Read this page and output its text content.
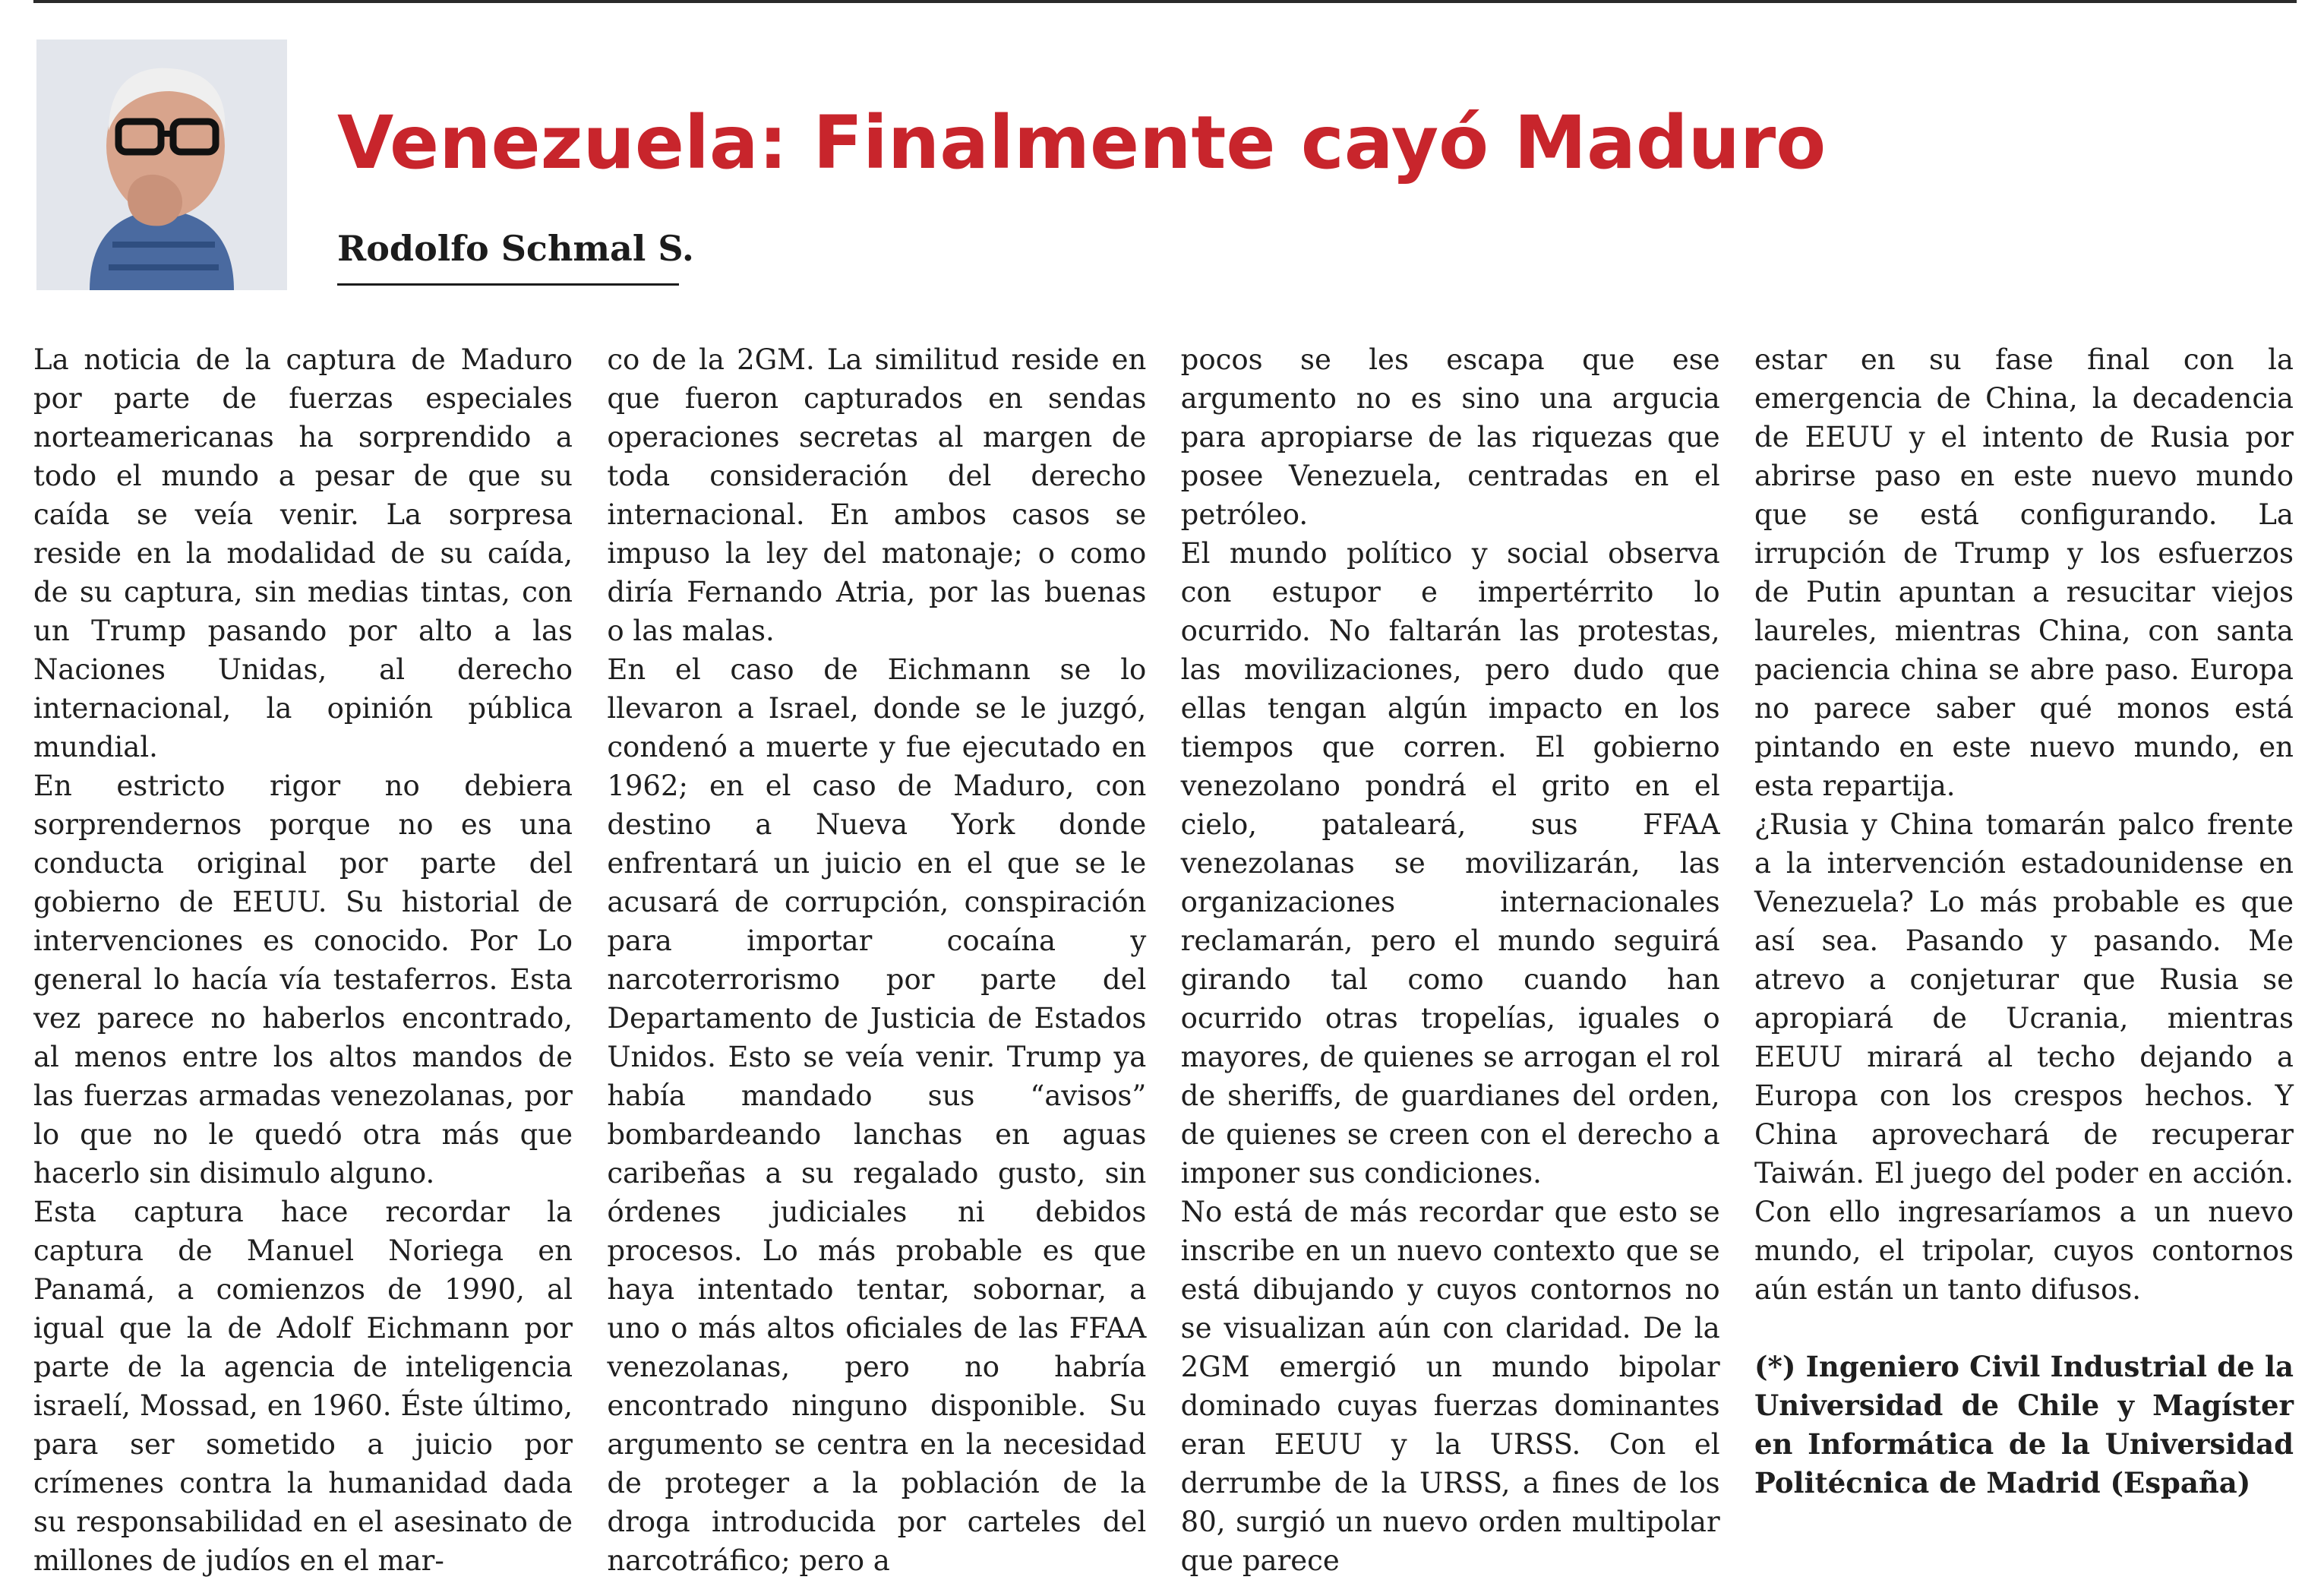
Venezuela: Finalmente cayó Maduro
Rodolfo Schmal S.

La noticia de la captura de Maduro por parte de fuerzas especiales norteamericanas ha sorprendido a todo el mundo a pesar de que su caída se veía venir. La sorpresa reside en la modalidad de su caída, de su captura, sin medias tintas, con un Trump pasando por alto a las Naciones Unidas, al derecho internacional, la opinión pública mundial.

En estricto rigor no debiera sorprendernos porque no es una conducta original por parte del gobierno de EEUU. Su historial de intervenciones es conocido. Por Lo general lo hacía vía testaferros. Esta vez parece no haberlos encontrado, al menos entre los altos mandos de las fuerzas armadas venezolanas, por lo que no le quedó otra más que hacerlo sin disimulo alguno.

Esta captura hace recordar la captura de Manuel Noriega en Panamá, a comienzos de 1990, al igual que la de Adolf Eichmann por parte de la agencia de inteligencia israelí, Mossad, en 1960. Éste último, para ser sometido a juicio por crímenes contra la humanidad dada su responsabilidad en el asesinato de millones de judíos en el mar-

co de la 2GM. La similitud reside en que fueron capturados en sendas operaciones secretas al margen de toda consideración del derecho internacional. En ambos casos se impuso la ley del matonaje; o como diría Fernando Atria, por las buenas o las malas.

En el caso de Eichmann se lo llevaron a Israel, donde se le juzgó, condenó a muerte y fue ejecutado en 1962; en el caso de Maduro, con destino a Nueva York donde enfrentará un juicio en el que se le acusará de corrupción, conspiración para importar cocaína y narcoterrorismo por parte del Departamento de Justicia de Estados Unidos. Esto se veía venir. Trump ya había mandado sus “avisos” bombardeando lanchas en aguas caribeñas a su regalado gusto, sin órdenes judiciales ni debidos procesos. Lo más probable es que haya intentado tentar, sobornar, a uno o más altos oficiales de las FFAA venezolanas, pero no habría encontrado ninguno disponible. Su argumento se centra en la necesidad de proteger a la población de la droga introducida por carteles del narcotráfico; pero a

pocos se les escapa que ese argumento no es sino una argucia para apropiarse de las riquezas que posee Venezuela, centradas en el petróleo.

El mundo político y social observa con estupor e impertérrito lo ocurrido. No faltarán las protestas, las movilizaciones, pero dudo que ellas tengan algún impacto en los tiempos que corren. El gobierno venezolano pondrá el grito en el cielo, pataleará, sus FFAA venezolanas se movilizarán, las organizaciones internacionales reclamarán, pero el mundo seguirá girando tal como cuando han ocurrido otras tropelías, iguales o mayores, de quienes se arrogan el rol de sheriffs, de guardianes del orden, de quienes se creen con el derecho a imponer sus condiciones.

No está de más recordar que esto se inscribe en un nuevo contexto que se está dibujando y cuyos contornos no se visualizan aún con claridad. De la 2GM emergió un mundo bipolar dominado cuyas fuerzas dominantes eran EEUU y la URSS. Con el derrumbe de la URSS, a fines de los 80, surgió un nuevo orden multipolar que parece

estar en su fase final con la emergencia de China, la decadencia de EEUU y el intento de Rusia por abrirse paso en este nuevo mundo que se está configurando. La irrupción de Trump y los esfuerzos de Putin apuntan a resucitar viejos laureles, mientras China, con santa paciencia china se abre paso. Europa no parece saber qué monos está pintando en este nuevo mundo, en esta repartija.

¿Rusia y China tomarán palco frente a la intervención estadounidense en Venezuela? Lo más probable es que así sea. Pasando y pasando. Me atrevo a conjeturar que Rusia se apropiará de Ucrania, mientras EEUU mirará al techo dejando a Europa con los crespos hechos. Y China aprovechará de recuperar Taiwán. El juego del poder en acción. Con ello ingresaríamos a un nuevo mundo, el tripolar, cuyos contornos aún están un tanto difusos.

(*) Ingeniero Civil Industrial de la Universidad de Chile y Magíster en Informática de la Universidad Politécnica de Madrid (España)
